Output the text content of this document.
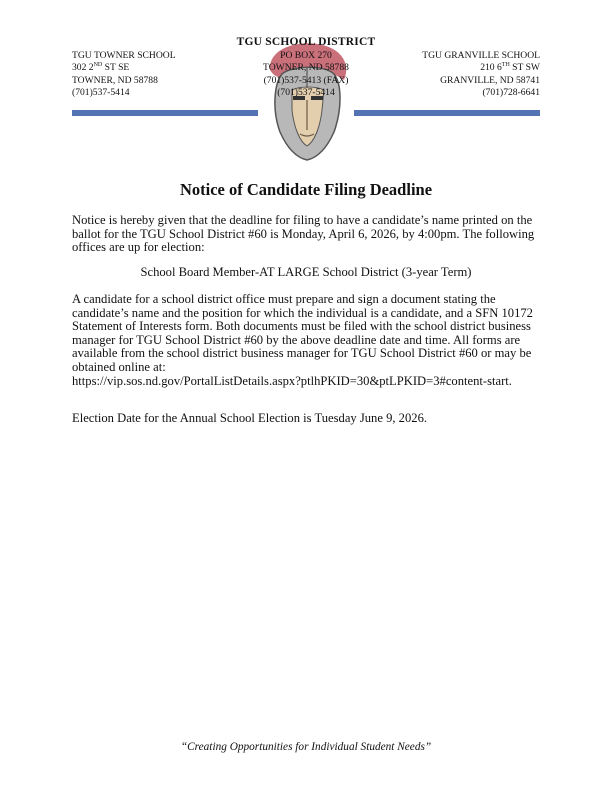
TGU SCHOOL DISTRICT
TGU TOWNER SCHOOL
302 2ND ST SE
TOWNER, ND 58788
(701)537-5414
PO BOX 270
TOWNER, ND 58788
(701)537-5413 (FAX)
(701)537-5414
TGU GRANVILLE SCHOOL
210 6TH ST SW
GRANVILLE, ND 58741
(701)728-6641
Notice of Candidate Filing Deadline
Notice is hereby given that the deadline for filing to have a candidate’s name printed on the ballot for the TGU School District #60 is Monday, April 6, 2026, by 4:00pm. The following offices are up for election:
School Board Member-AT LARGE School District (3-year Term)
A candidate for a school district office must prepare and sign a document stating the candidate’s name and the position for which the individual is a candidate, and a SFN 10172 Statement of Interests form. Both documents must be filed with the school district business manager for TGU School District #60 by the above deadline date and time. All forms are available from the school district business manager for TGU School District #60 or may be obtained online at:
https://vip.sos.nd.gov/PortalListDetails.aspx?ptlhPKID=30&ptLPKID=3#content-start.
Election Date for the Annual School Election is Tuesday June 9, 2026.
“Creating Opportunities for Individual Student Needs”
